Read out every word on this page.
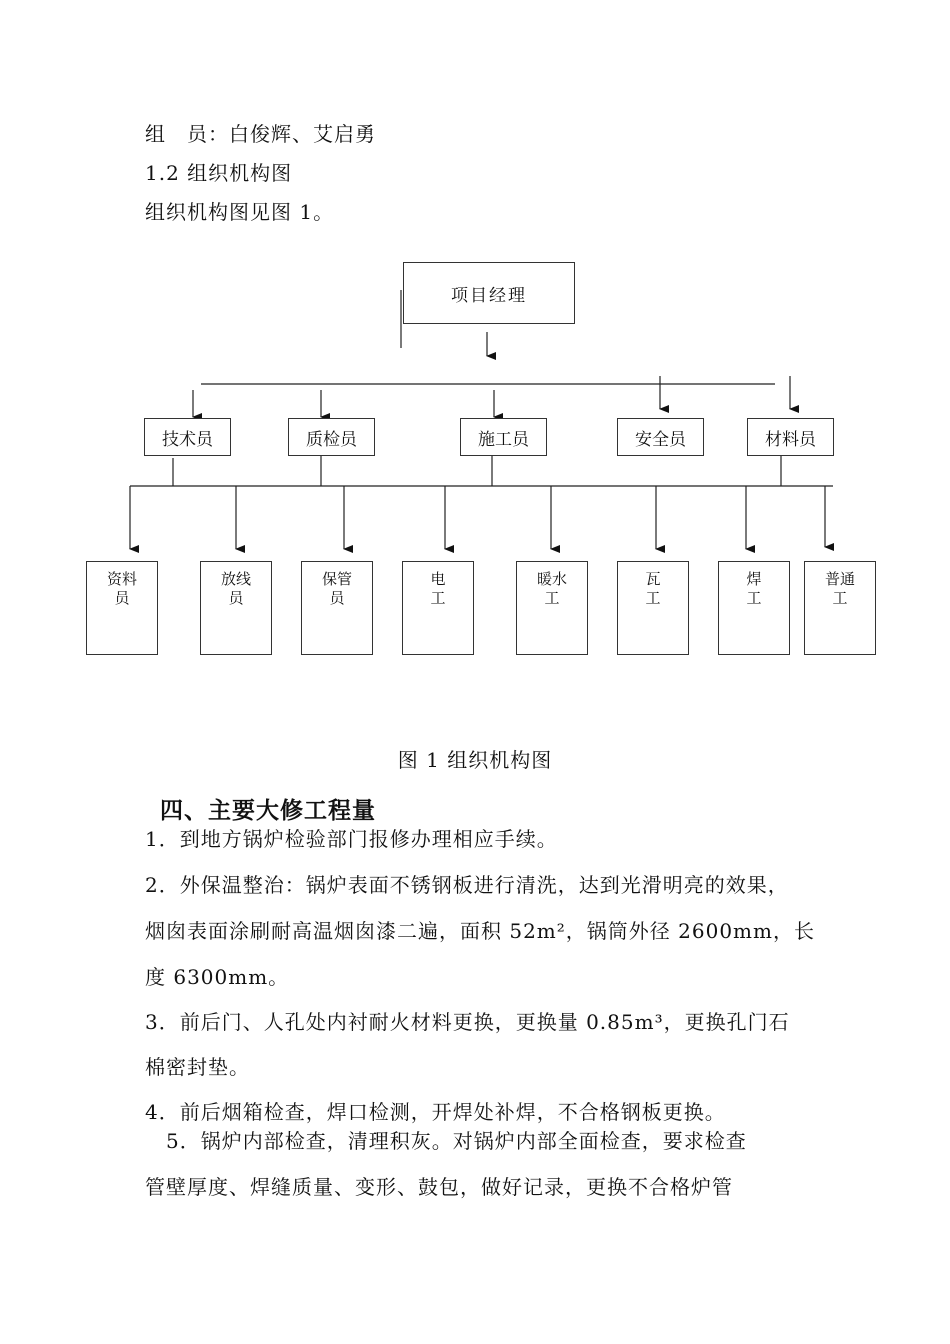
组　员：白俊辉、艾启勇
1.2 组织机构图
组织机构图见图 1。
项目经理
技术员	质检员	施工员	安全员	材料员
资料
员
放线
员
保管
员
电
工
暖水
工
瓦
工
焊
工
普通
工
图 1 组织机构图
四、主要大修工程量
1．到地方锅炉检验部门报修办理相应手续。
2．外保温整治：锅炉表面不锈钢板进行清洗，达到光滑明亮的效果，
烟囱表面涂刷耐高温烟囱漆二遍，面积 52m²，锅筒外径 2600mm，长
度 6300mm。
3．前后门、人孔处内衬耐火材料更换，更换量 0.85m³，更换孔门石
棉密封垫。
4．前后烟箱检查，焊口检测，开焊处补焊，不合格钢板更换。
　5．锅炉内部检查，清理积灰。对锅炉内部全面检查，要求检查
管壁厚度、焊缝质量、变形、鼓包，做好记录，更换不合格炉管
